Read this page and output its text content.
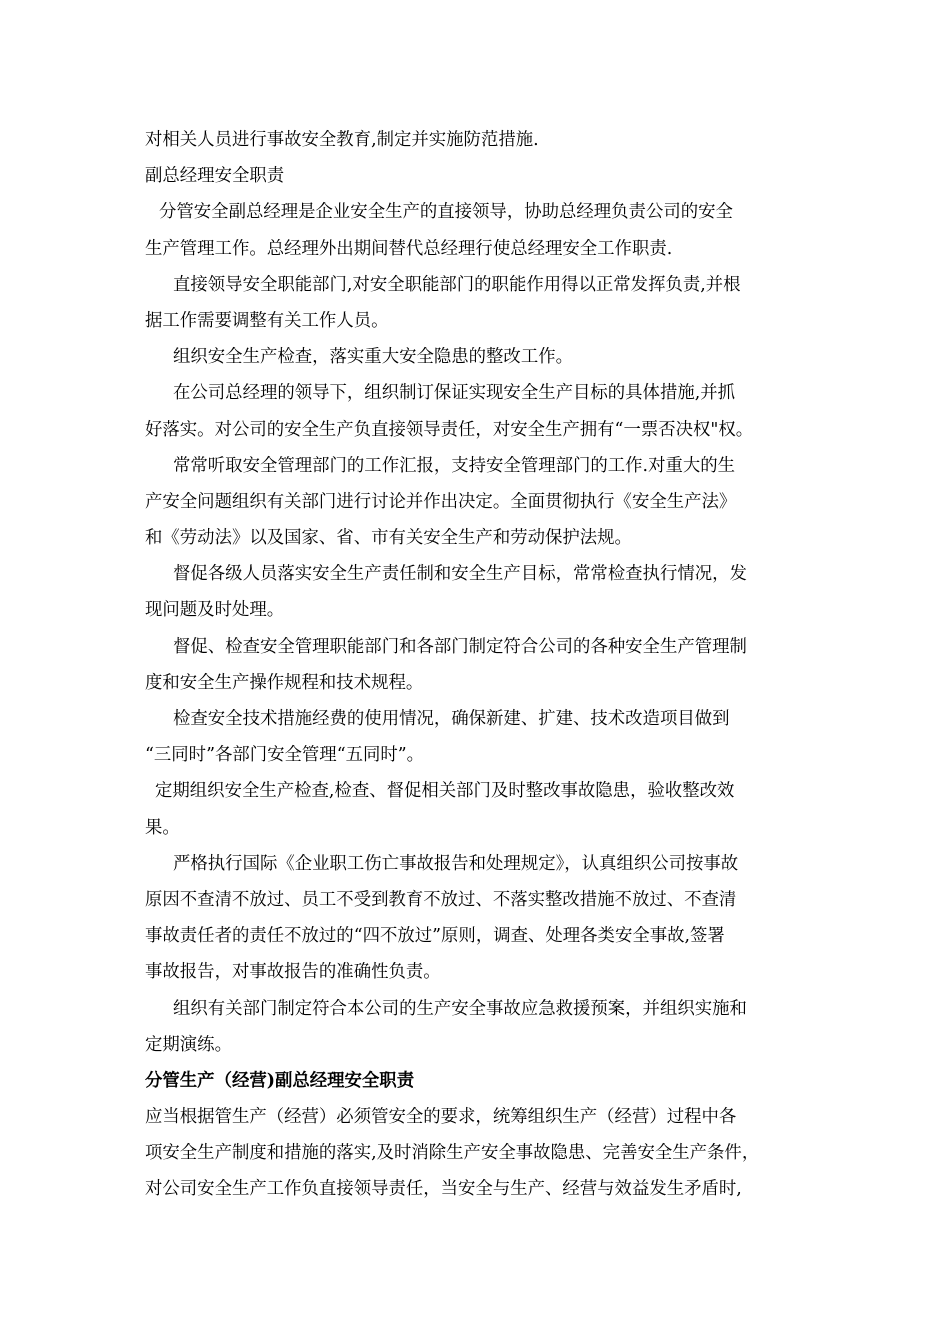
对相关人员进行事故安全教育,制定并实施防范措施.
副总经理安全职责
分管安全副总经理是企业安全生产的直接领导，协助总经理负责公司的安全
生产管理工作。总经理外出期间替代总经理行使总经理安全工作职责.
直接领导安全职能部门,对安全职能部门的职能作用得以正常发挥负责,并根
据工作需要调整有关工作人员。
组织安全生产检查，落实重大安全隐患的整改工作。
在公司总经理的领导下，组织制订保证实现安全生产目标的具体措施,并抓
好落实。对公司的安全生产负直接领导责任，对安全生产拥有“一票否决权"权。
常常听取安全管理部门的工作汇报，支持安全管理部门的工作.对重大的生
产安全问题组织有关部门进行讨论并作出决定。全面贯彻执行《安全生产法》
和《劳动法》以及国家、省、市有关安全生产和劳动保护法规。
督促各级人员落实安全生产责任制和安全生产目标，常常检查执行情况，发
现问题及时处理。
督促、检查安全管理职能部门和各部门制定符合公司的各种安全生产管理制
度和安全生产操作规程和技术规程。
检查安全技术措施经费的使用情况，确保新建、扩建、技术改造项目做到
“三同时”各部门安全管理“五同时”。
定期组织安全生产检查,检查、督促相关部门及时整改事故隐患，验收整改效
果。
严格执行国际《企业职工伤亡事故报告和处理规定》，认真组织公司按事故
原因不查清不放过、员工不受到教育不放过、不落实整改措施不放过、不查清
事故责任者的责任不放过的“四不放过”原则，调查、处理各类安全事故,签署
事故报告，对事故报告的准确性负责。
组织有关部门制定符合本公司的生产安全事故应急救援预案，并组织实施和
定期演练。
分管生产（经营)副总经理安全职责
应当根据管生产（经营）必须管安全的要求，统筹组织生产（经营）过程中各
项安全生产制度和措施的落实,及时消除生产安全事故隐患、完善安全生产条件，
对公司安全生产工作负直接领导责任，当安全与生产、经营与效益发生矛盾时,
